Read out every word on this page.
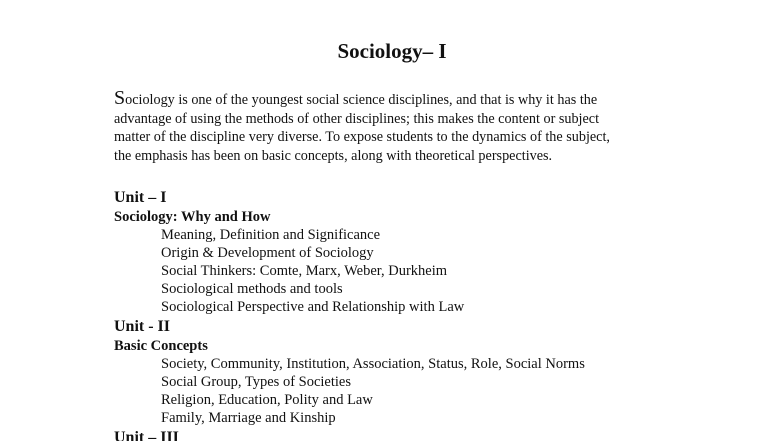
Sociology– I
Sociology is one of the youngest social science disciplines, and that is why it has the
advantage of using the methods of other disciplines; this makes the content or subject
matter of the discipline very diverse. To expose students to the dynamics of the subject,
the emphasis has been on basic concepts, along with theoretical perspectives.

Unit – I

Sociology: Why and How

Meaning, Definition and Significance
Origin & Development of Sociology
Social Thinkers: Comte, Marx, Weber, Durkheim
Sociological methods and tools
Sociological Perspective and Relationship with Law

Unit - II

Basic Concepts

Society, Community, Institution, Association, Status, Role, Social Norms
Social Group, Types of Societies
Religion, Education, Polity and Law
Family, Marriage and Kinship

Unit – III
